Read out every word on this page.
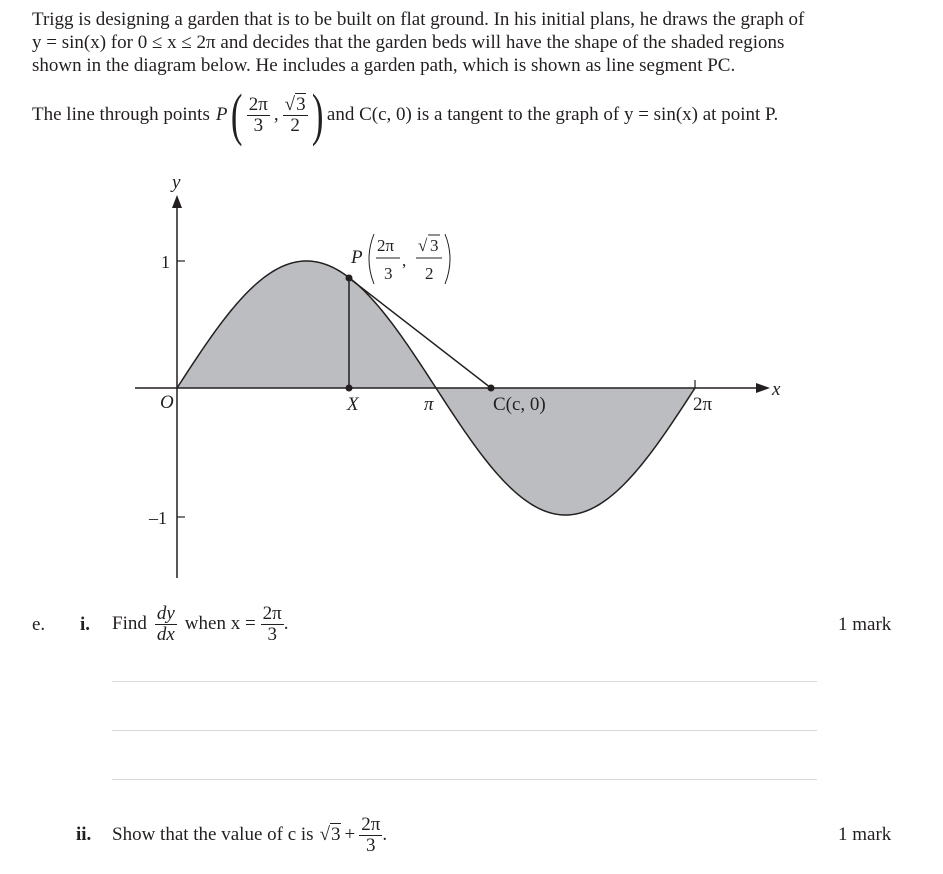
Trigg is designing a garden that is to be built on flat ground. In his initial plans, he draws the graph of
y = sin(x) for 0 ≤ x ≤ 2π and decides that the garden beds will have the shape of the shaded regions
shown in the diagram below. He includes a garden path, which is shown as line segment PC.
The line through points P ( $\frac{2\pi}{3}$ , $\frac{√3}{2}$ ) and C(c, 0) is a tangent to the graph of y = sin(x) at point P.
y
x
O
1
–1
X	π	C(c, 0)	2π
P
2π
3
,
√ 3
2
e. i. Find $\frac{dy}{dx}$ when $x = \frac{2\pi}{3}$ .	1 mark
ii. Show that the value of c is $√3 + \frac{2\pi}{3}$ .	1 mark
